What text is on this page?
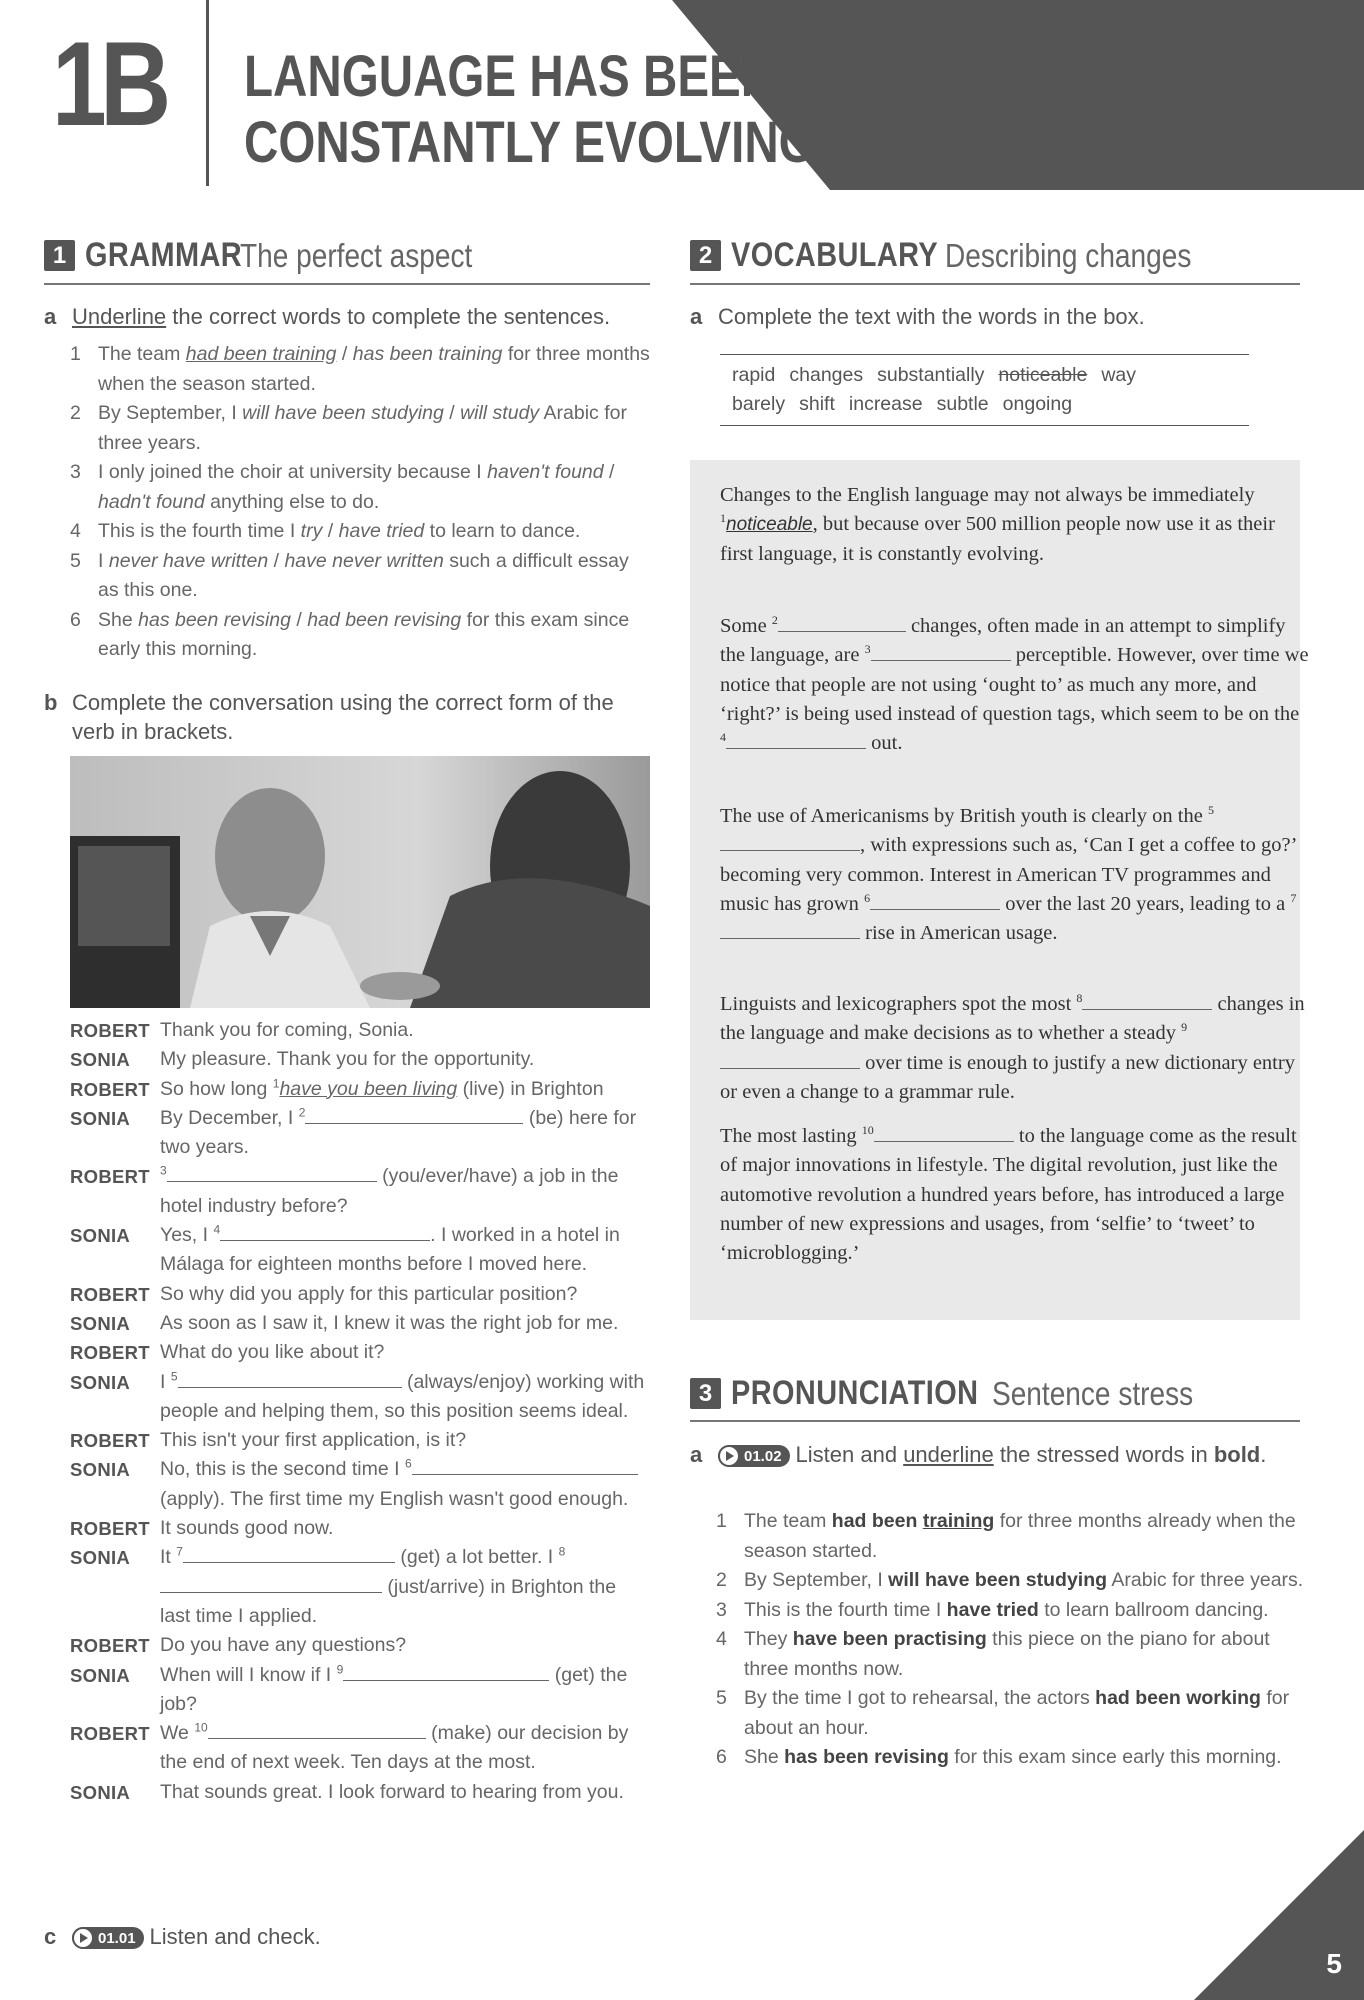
1B LANGUAGE HAS BEEN
CONSTANTLY EVOLVING
1 GRAMMAR
The perfect aspect
a Underline the correct words to complete the sentences.
1 The team had been training / has been training for three months when the season started.
2 By September, I will have been studying / will study Arabic for three years.
3 I only joined the choir at university because I haven't found / hadn't found anything else to do.
4 This is the fourth time I try / have tried to learn to dance.
5 I never have written / have never written such a difficult essay as this one.
6 She has been revising / had been revising for this exam since early this morning.
b Complete the conversation using the correct form of the verb in brackets.
ROBERT Thank you for coming, Sonia.
SONIA	My pleasure. Thank you for the opportunity.
ROBERT So how long $^1$have you been living (live) in Brighton
SONIA	By December, I $^2$	(be) here for two years.
ROBERT $^3$	(you/ever/have) a job in the hotel industry before?
SONIA	Yes, I $^4$	. I worked in a hotel in Málaga for eighteen months before I moved here.
ROBERT So why did you apply for this particular position?
SONIA	As soon as I saw it, I knew it was the right job for me.
ROBERT What do you like about it?
SONIA	I $^5$	(always/enjoy) working with people and helping them, so this position seems ideal.
ROBERT This isn't your first application, is it?
SONIA	No, this is the second time I $^6$ (apply). The first time my English wasn't good enough.
ROBERT It sounds good now.
SONIA	It $^7$	(get) a lot better. I $^8$ (just/arrive) in Brighton the last time I applied.
ROBERT Do you have any questions?
SONIA	When will I know if I $^9$	(get) the job?
ROBERT We $^{10}$	(make) our decision by the end of next week. Ten days at the most.
SONIA	That sounds great. I look forward to hearing from you.
c	01.01 Listen and check.
2 VOCABULARY Describing changes
a Complete the text with the words in the box.
rapid changes substantially noticeable way
barely shift increase subtle ongoing

Changes to the English language may not always be immediately $^1$noticeable, but because over 500 million people now use it as their first language, it is constantly evolving.

Some $^2$	changes, often made in an attempt to simplify the language, are $^3$	perceptible. However, over time we notice that people are not using ‘ought to’ as much any more, and ‘right?’ is being used instead of question tags, which seem to be on the $^4$	out.

The use of Americanisms by British youth is clearly on the $^5$, with expressions such as, ‘Can I get a coffee to go?’ becoming very common. Interest in American TV programmes and music has grown $^6$	over the last 20 years, leading to a $^7$ rise in American usage.

Linguists and lexicographers spot the most $^8$	changes in the language and make decisions as to whether a steady $^9$ over time is enough to justify a new dictionary entry or even a change to a grammar rule.

The most lasting $^{10}$	to the language come as the result of major innovations in lifestyle. The digital revolution, just like the automotive revolution a hundred years before, has introduced a large number of new expressions and usages, from ‘selfie’ to ‘tweet’ to ‘microblogging.’

3 PRONUNCIATION Sentence stress
a	01.02 Listen and underline the stressed words in bold.
1 The team had been training for three months already when the season started.
2 By September, I will have been studying Arabic for three years.
3 This is the fourth time I have tried to learn ballroom dancing.
4 They have been practising this piece on the piano for about three months now.
5 By the time I got to rehearsal, the actors had been working for about an hour.
6 She has been revising for this exam since early this morning.
5
